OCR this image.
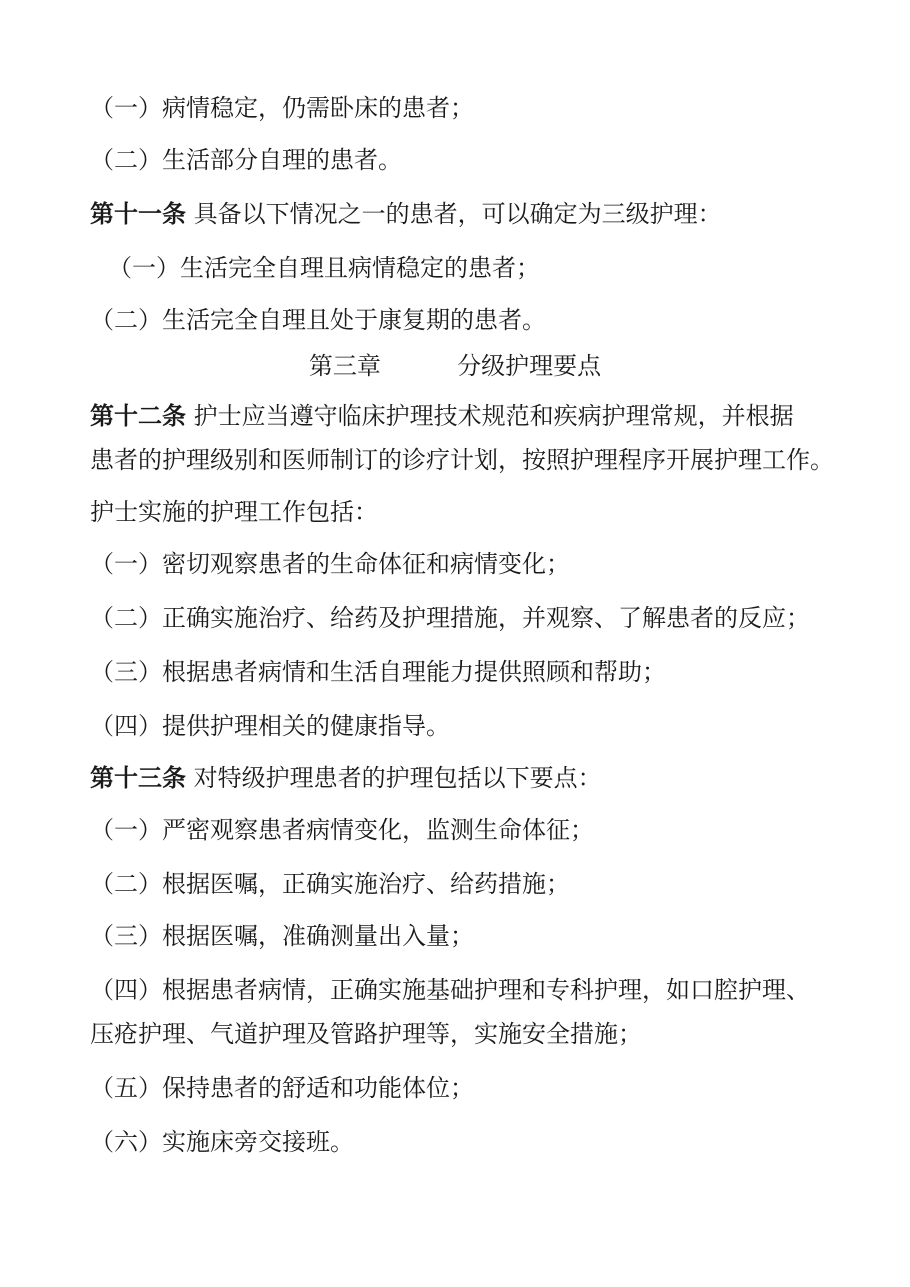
（一）病情稳定，仍需卧床的患者；

（二）生活部分自理的患者。

第十一条 具备以下情况之一的患者，可以确定为三级护理：

（一）生活完全自理且病情稳定的患者；

（二）生活完全自理且处于康复期的患者。

第三章	分级护理要点

第十二条 护士应当遵守临床护理技术规范和疾病护理常规，并根据

患者的护理级别和医师制订的诊疗计划，按照护理程序开展护理工作。

护士实施的护理工作包括：

（一）密切观察患者的生命体征和病情变化；

（二）正确实施治疗、给药及护理措施，并观察、了解患者的反应；

（三）根据患者病情和生活自理能力提供照顾和帮助；

（四）提供护理相关的健康指导。

第十三条 对特级护理患者的护理包括以下要点：

（一）严密观察患者病情变化，监测生命体征；

（二）根据医嘱，正确实施治疗、给药措施；

（三）根据医嘱，准确测量出入量；

（四）根据患者病情，正确实施基础护理和专科护理，如口腔护理、

压疮护理、气道护理及管路护理等，实施安全措施；

（五）保持患者的舒适和功能体位；

（六）实施床旁交接班。
